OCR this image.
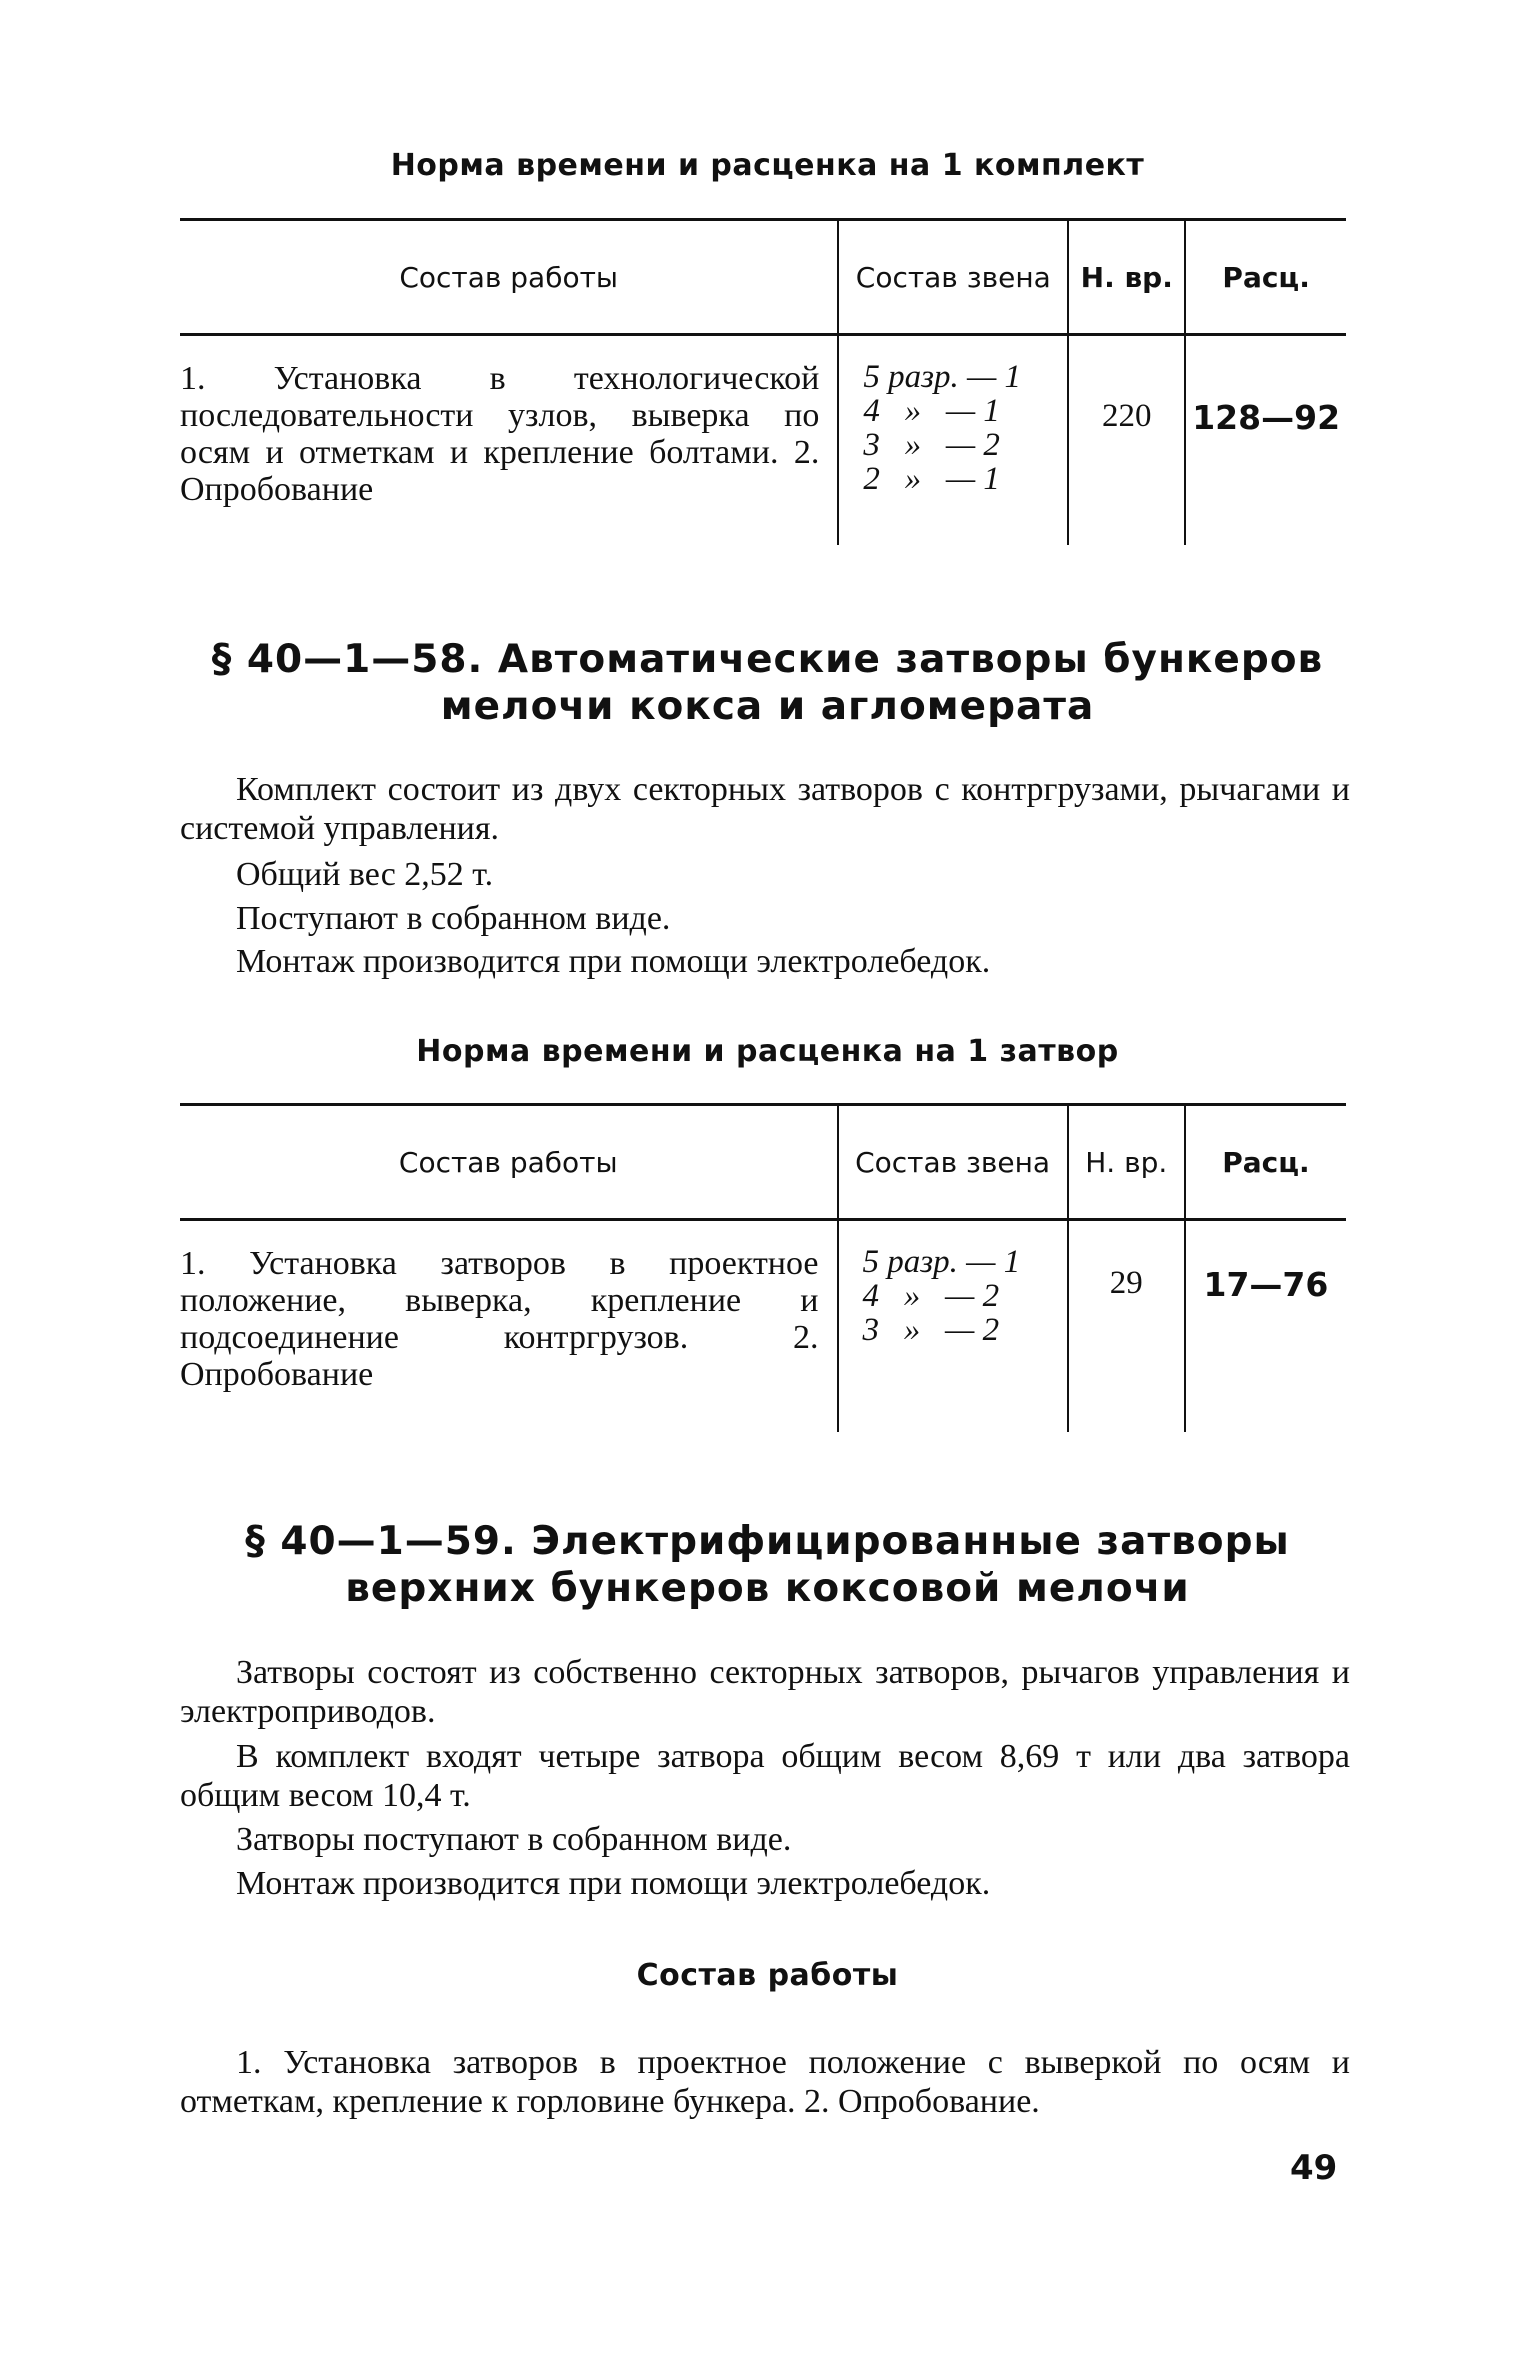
Норма времени и расценка на 1 комплект
Состав работы	Состав звена	Н. вр.	Расц.
1. Установка в технологической последовательности узлов, выверка по осям и отметкам и крепление болтами. 2. Опробование	5 разр. — 1
4   »   — 1
3   »   — 2
2   »   — 1	220	128—92
§ 40—1—58. Автоматические затворы бункеров мелочи кокса и агломерата

Комплект состоит из двух секторных затворов с контргрузами, рычагами и системой управления.

Общий вес 2,52 т.

Поступают в собранном виде.

Монтаж производится при помощи электролебедок.

Норма времени и расценка на 1 затвор
Состав работы	Состав звена	Н. вр.	Расц.
1. Установка затворов в проектное положение, выверка, крепление и подсоединение контргрузов. 2. Опробование	5 разр. — 1
4   »   — 2
3   »   — 2	29	17—76
§ 40—1—59. Электрифицированные затворы верхних бункеров коксовой мелочи

Затворы состоят из собственно секторных затворов, рычагов управления и электроприводов.

В комплект входят четыре затвора общим весом 8,69 т или два затвора общим весом 10,4 т.

Затворы поступают в собранном виде.

Монтаж производится при помощи электролебедок.

Состав работы

1. Установка затворов в проектное положение с выверкой по осям и отметкам, крепление к горловине бункера. 2. Опробование.

49
